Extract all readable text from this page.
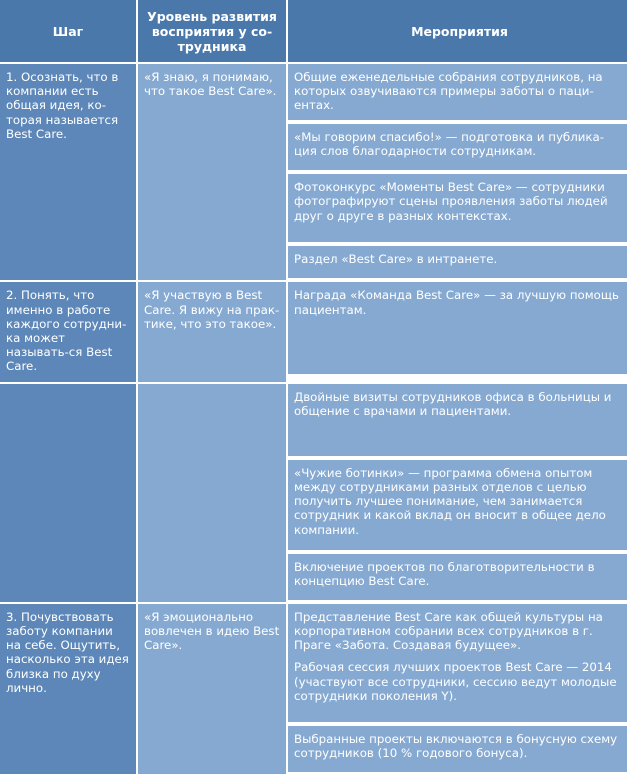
Шаг
Уровень развития восприятия у со-трудника
Мероприятия
1. Осознать, что в компании есть общая идея, ко-торая называется Best Care.
«Я знаю, я понимаю, что такое Best Care».
Общие еженедельные собрания сотрудников, на которых озвучиваются примеры заботы о паци-ентах.
«Мы говорим спасибо!» — подготовка и публика-ция слов благодарности сотрудникам.
Фотоконкурс «Моменты Best Care» — сотрудники фотографируют сцены проявления заботы людей друг о друге в разных контекстах.
Раздел «Best Care» в интранете.
2. Понять, что именно в работе каждого сотрудни-ка может называть-ся Best Care.
«Я участвую в Best Care. Я вижу на прак-тике, что это такое».
Награда «Команда Best Care» — за лучшую помощь пациентам.
Двойные визиты сотрудников офиса в больницы и общение с врачами и пациентами.
«Чужие ботинки» — программа обмена опытом между сотрудниками разных отделов с целью получить лучшее понимание, чем занимается сотрудник и какой вклад он вносит в общее дело компании.
Включение проектов по благотворительности в концепцию Best Care.
3. Почувствовать заботу компании на себе. Ощутить, насколько эта идея близка по духу лично.
«Я эмоционально вовлечен в идею Best Care».
Представление Best Care как общей культуры на корпоративном собрании всех сотрудников в г. Праге «Забота. Создавая будущее».
Рабочая сессия лучших проектов Best Care — 2014 (участвуют все сотрудники, сессию ведут молодые сотрудники поколения Y).
Выбранные проекты включаются в бонусную схему сотрудников (10 % годового бонуса).
